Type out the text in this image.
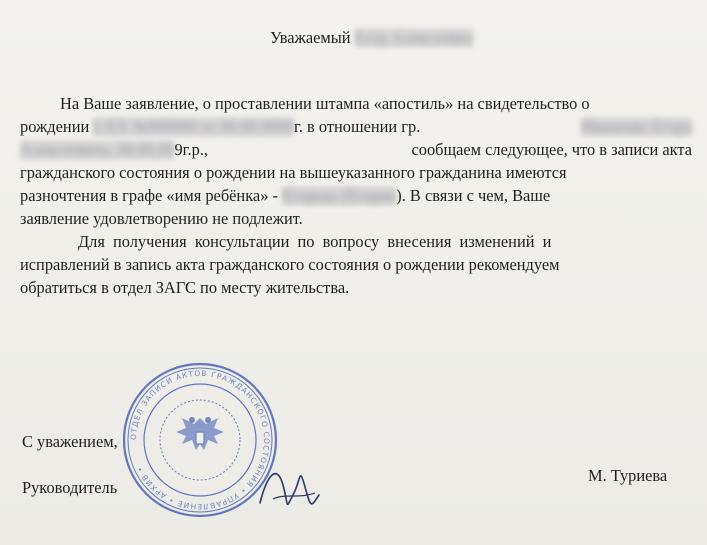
Уважаемый Егор Алексеевич
На Ваше заявление, о проставлении штампа «апостиль» на свидетельство о
рождении I-ХХ №000000 от 00.00.0000г. в отношении гр.	Иваненко Егора
Алексеевича, 00.00.009г.р.,	сообщаем следующее, что в записи акта
гражданского состояния о рождении на вышеуказанного гражданина имеются
разночтения в графе «имя ребёнка» - Егорька (Егорик). В связи с чем, Ваше
заявление удовлетворению не подлежит.
Для получения консультации по вопросу внесения изменений и
исправлений в запись акта гражданского состояния о рождении рекомендуем
обратиться в отдел ЗАГС по месту жительства.
ОТДЕЛ ЗАПИСИ АКТОВ ГРАЖДАНСКОГО СОСТОЯНИЯ • УПРАВЛЕНИЕ • АРХИВ •
С уважением,
Руководитель
М. Туриева
